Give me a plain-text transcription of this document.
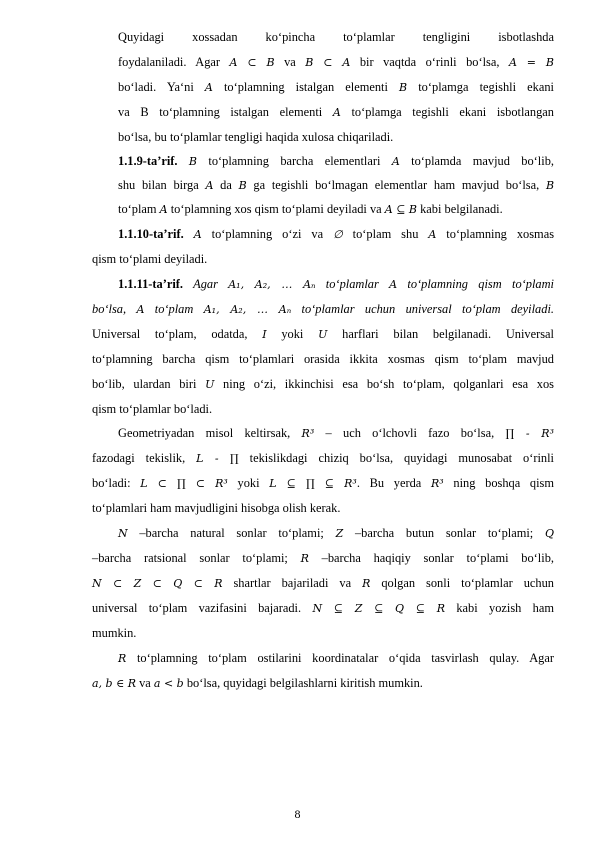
Quyidagi xossadan ko‘pincha to‘plamlar tengligini isbotlashda
foydalaniladi. Agar A ⊂ B va B ⊂ A bir vaqtda o‘rinli bo‘lsa, A = B
bo‘ladi. Ya‘ni A to‘plamning istalgan elementi B to‘plamga tegishli ekani
va B to‘plamning istalgan elementi A to‘plamga tegishli ekani isbotlangan
bo‘lsa, bu to‘plamlar tengligi haqida xulosa chiqariladi.
1.1.9-ta’rif. B to‘plamning barcha elementlari A to‘plamda mavjud bo‘lib,
shu bilan birga A da B ga tegishli bo‘lmagan elementlar ham mavjud bo‘lsa, B
to‘plam A to‘plamning xos qism to‘plami deyiladi va A ⊆ B kabi belgilanadi.
1.1.10-ta’rif. A to‘plamning o‘zi va ∅ to‘plam shu A to‘plamning xosmas
qism to‘plami deyiladi.
1.1.11-ta’rif. Agar A₁, A₂, … Aₙ to‘plamlar A to‘plamning qism to‘plami
bo‘lsa, A to‘plam A₁, A₂, … Aₙ to‘plamlar uchun universal to‘plam deyiladi.
Universal to‘plam, odatda, I yoki U harflari bilan belgilanadi. Universal
to‘plamning barcha qism to‘plamlari orasida ikkita xosmas qism to‘plam mavjud
bo‘lib, ulardan biri U ning o‘zi, ikkinchisi esa bo‘sh to‘plam, qolganlari esa xos
qism to‘plamlar bo‘ladi.
Geometriyadan misol keltirsak, R³ – uch o‘lchovli fazo bo‘lsa, ∏ - R³
fazodagi tekislik, L - ∏ tekislikdagi chiziq bo‘lsa, quyidagi munosabat o‘rinli
bo‘ladi: L ⊂ ∏ ⊂ R³ yoki L ⊆ ∏ ⊆ R³. Bu yerda R³ ning boshqa qism
to‘plamlari ham mavjudligini hisobga olish kerak.
N –barcha natural sonlar to‘plami; Z –barcha butun sonlar to‘plami; Q
–barcha ratsional sonlar to‘plami; R –barcha haqiqiy sonlar to‘plami bo‘lib,
N ⊂ Z ⊂ Q ⊂ R shartlar bajariladi va R qolgan sonli to‘plamlar uchun
universal to‘plam vazifasini bajaradi. N ⊆ Z ⊆ Q ⊆ R kabi yozish ham
mumkin.
R to‘plamning to‘plam ostilarini koordinatalar o‘qida tasvirlash qulay. Agar
a, b ∈ R va a < b bo‘lsa, quyidagi belgilashlarni kiritish mumkin.
8
